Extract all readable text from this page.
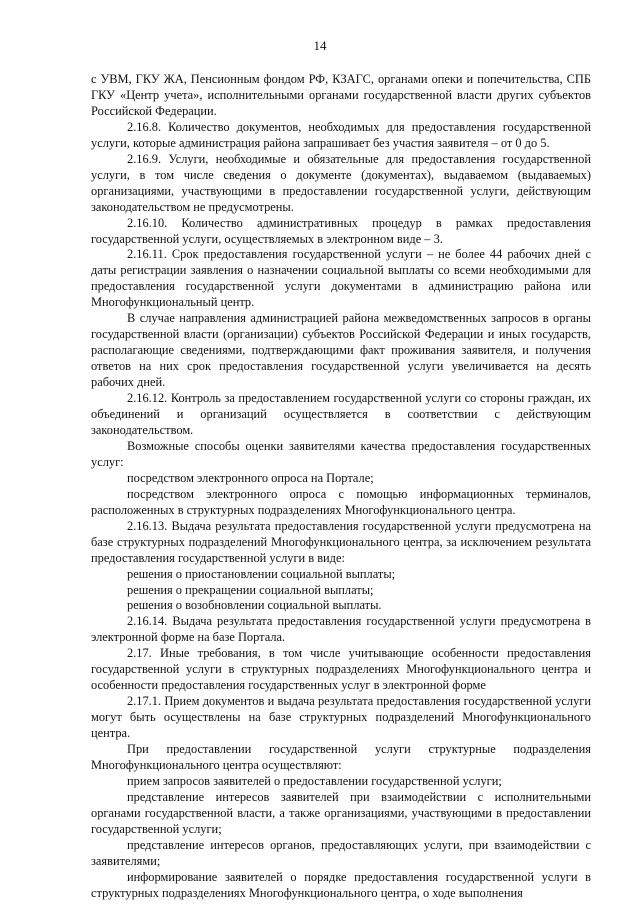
14

с УВМ, ГКУ ЖА, Пенсионным фондом РФ, КЗАГС, органами опеки и попечительства, СПБ ГКУ «Центр учета», исполнительными органами государственной власти других субъектов Российской Федерации.

2.16.8. Количество документов, необходимых для предоставления государственной услуги, которые администрация района запрашивает без участия заявителя – от 0 до 5.

2.16.9. Услуги, необходимые и обязательные для предоставления государственной услуги, в том числе сведения о документе (документах), выдаваемом (выдаваемых) организациями, участвующими в предоставлении государственной услуги, действующим законодательством не предусмотрены.

2.16.10. Количество административных процедур в рамках предоставления государственной услуги, осуществляемых в электронном виде – 3.

2.16.11. Срок предоставления государственной услуги – не более 44 рабочих дней с даты регистрации заявления о назначении социальной выплаты со всеми необходимыми для предоставления государственной услуги документами в администрацию района или Многофункциональный центр.

В случае направления администрацией района межведомственных запросов в органы государственной власти (организации) субъектов Российской Федерации и иных государств, располагающие сведениями, подтверждающими факт проживания заявителя, и получения ответов на них срок предоставления государственной услуги увеличивается на десять рабочих дней.

2.16.12. Контроль за предоставлением государственной услуги со стороны граждан, их объединений и организаций осуществляется в соответствии с действующим законодательством.

Возможные способы оценки заявителями качества предоставления государственных услуг:

посредством электронного опроса на Портале;

посредством электронного опроса с помощью информационных терминалов, расположенных в структурных подразделениях Многофункционального центра.

2.16.13. Выдача результата предоставления государственной услуги предусмотрена на базе структурных подразделений Многофункционального центра, за исключением результата предоставления государственной услуги в виде:

решения о приостановлении социальной выплаты;

решения о прекращении социальной выплаты;

решения о возобновлении социальной выплаты.

2.16.14. Выдача результата предоставления государственной услуги предусмотрена в электронной форме на базе Портала.

2.17. Иные требования, в том числе учитывающие особенности предоставления государственной услуги в структурных подразделениях Многофункционального центра и особенности предоставления государственных услуг в электронной форме

2.17.1. Прием документов и выдача результата предоставления государственной услуги могут быть осуществлены на базе структурных подразделений Многофункционального центра.

При предоставлении государственной услуги структурные подразделения Многофункционального центра осуществляют:

прием запросов заявителей о предоставлении государственной услуги;

представление интересов заявителей при взаимодействии с исполнительными органами государственной власти, а также организациями, участвующими в предоставлении государственной услуги;

представление интересов органов, предоставляющих услуги, при взаимодействии с заявителями;

информирование заявителей о порядке предоставления государственной услуги в структурных подразделениях Многофункционального центра, о ходе выполнения
